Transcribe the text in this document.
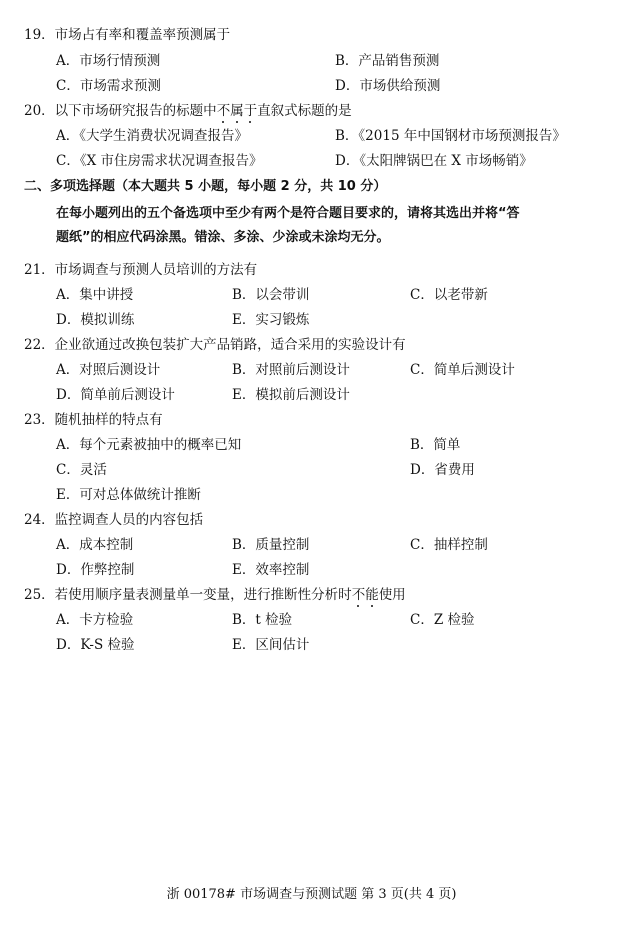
19．市场占有率和覆盖率预测属于
A．市场行情预测	B．产品销售预测
C．市场需求预测	D．市场供给预测
20．以下市场研究报告的标题中不属于直叙式标题的是
A．《大学生消费状况调查报告》	B．《2015 年中国钢材市场预测报告》
C．《X 市住房需求状况调查报告》	D．《太阳牌锅巴在 X 市场畅销》
二、多项选择题（本大题共 5 小题，每小题 2 分，共 10 分）
在每小题列出的五个备选项中至少有两个是符合题目要求的，请将其选出并将“答
题纸”的相应代码涂黑。错涂、多涂、少涂或未涂均无分。
21．市场调查与预测人员培训的方法有
A．集中讲授	B．以会带训	C．以老带新
D．模拟训练	E．实习锻炼
22．企业欲通过改换包装扩大产品销路，适合采用的实验设计有
A．对照后测设计	B．对照前后测设计	C．简单后测设计
D．简单前后测设计	E．模拟前后测设计
23．随机抽样的特点有
A．每个元素被抽中的概率已知	B．简单
C．灵活	D．省费用
E．可对总体做统计推断
24．监控调查人员的内容包括
A．成本控制	B．质量控制	C．抽样控制
D．作弊控制	E．效率控制
25．若使用顺序量表测量单一变量，进行推断性分析时不能使用
A．卡方检验	B．t 检验	C．Z 检验
D．K-S 检验	E．区间估计
浙 00178# 市场调查与预测试题 第 3 页(共 4 页)
